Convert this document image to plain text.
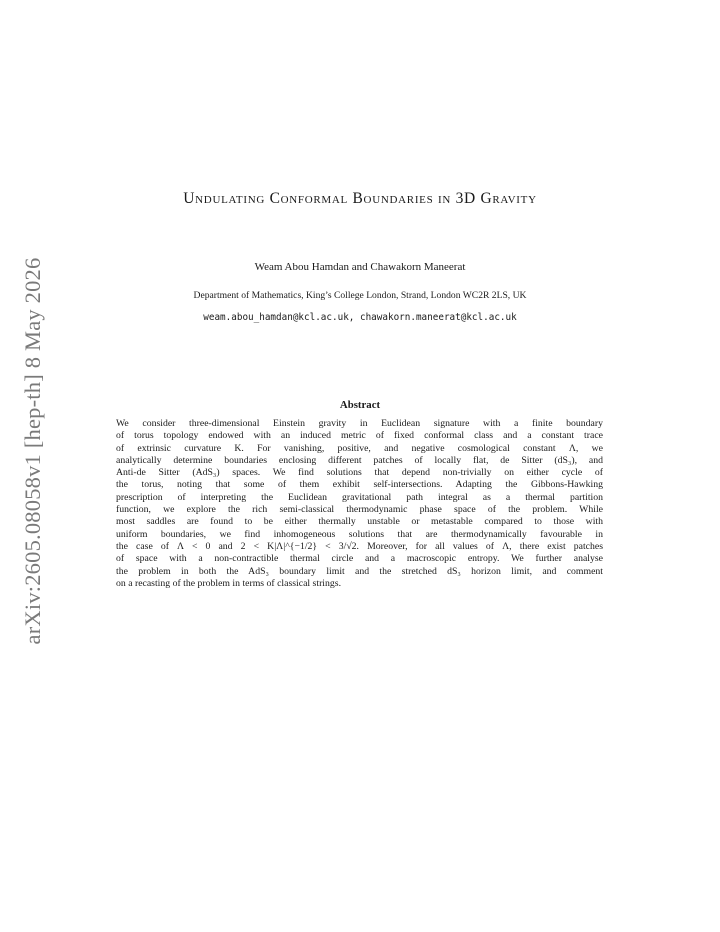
arXiv:2605.08058v1 [hep-th] 8 May 2026
Undulating Conformal Boundaries in 3D Gravity
Weam Abou Hamdan and Chawakorn Maneerat
Department of Mathematics, King’s College London, Strand, London WC2R 2LS, UK
weam.abou_hamdan@kcl.ac.uk, chawakorn.maneerat@kcl.ac.uk
Abstract
We consider three-dimensional Einstein gravity in Euclidean signature with a finite boundary
of torus topology endowed with an induced metric of fixed conformal class and a constant trace
of extrinsic curvature K. For vanishing, positive, and negative cosmological constant Λ, we
analytically determine boundaries enclosing different patches of locally flat, de Sitter (dS₃), and
Anti-de Sitter (AdS₃) spaces. We find solutions that depend non-trivially on either cycle of
the torus, noting that some of them exhibit self-intersections. Adapting the Gibbons-Hawking
prescription of interpreting the Euclidean gravitational path integral as a thermal partition
function, we explore the rich semi-classical thermodynamic phase space of the problem. While
most saddles are found to be either thermally unstable or metastable compared to those with
uniform boundaries, we find inhomogeneous solutions that are thermodynamically favourable in
the case of Λ < 0 and 2 < K|Λ|^{−1/2} < 3/√2. Moreover, for all values of Λ, there exist patches
of space with a non-contractible thermal circle and a macroscopic entropy. We further analyse
the problem in both the AdS₃ boundary limit and the stretched dS₃ horizon limit, and comment
on a recasting of the problem in terms of classical strings.
